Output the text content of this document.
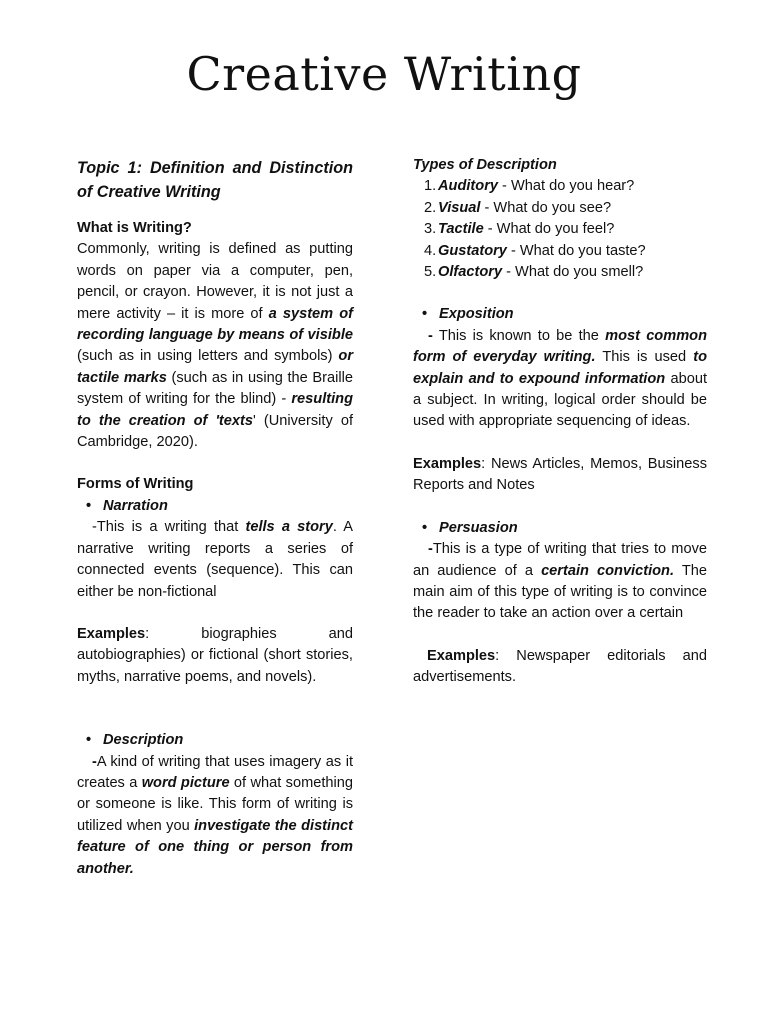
Creative Writing

Topic 1: Definition and Distinction of Creative Writing

What is Writing?

Commonly, writing is defined as putting words on paper via a computer, pen, pencil, or crayon. However, it is not just a mere activity – it is more of a system of recording language by means of visible (such as in using letters and symbols) or tactile marks (such as in using the Braille system of writing for the blind) - resulting to the creation of 'texts' (University of Cambridge, 2020).

Forms of Writing

• Narration

-This is a writing that tells a story. A narrative writing reports a series of connected events (sequence). This can either be non-fictional

Examples: biographies and autobiographies) or fictional (short stories, myths, narrative poems, and novels).

• Description

-A kind of writing that uses imagery as it creates a word picture of what something or someone is like. This form of writing is utilized when you investigate the distinct feature of one thing or person from another.

Types of Description

1. Auditory - What do you hear?
2. Visual - What do you see?
3. Tactile - What do you feel?
4. Gustatory - What do you taste?
5. Olfactory - What do you smell?

• Exposition

- This is known to be the most common form of everyday writing. This is used to explain and to expound information about a subject. In writing, logical order should be used with appropriate sequencing of ideas.

Examples: News Articles, Memos, Business Reports and Notes

• Persuasion

-This is a type of writing that tries to move an audience of a certain conviction. The main aim of this type of writing is to convince the reader to take an action over a certain

Examples: Newspaper editorials and advertisements.
